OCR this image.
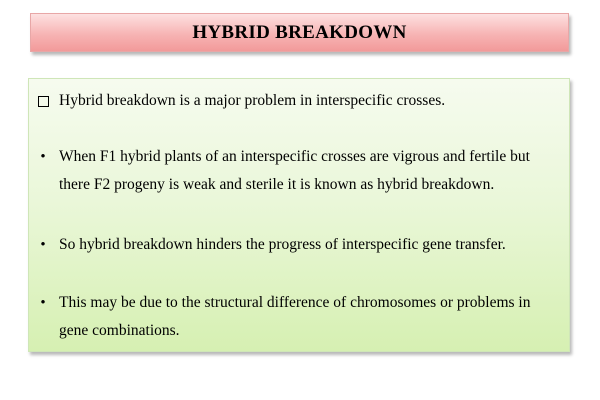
HYBRID BREAKDOWN
Hybrid breakdown is a major problem in interspecific crosses.
• When F1 hybrid plants of an interspecific crosses are vigrous and fertile but there F2 progeny is weak and sterile it is known as hybrid breakdown.
• So hybrid breakdown hinders the progress of interspecific gene transfer.
• This may be due to the structural difference of chromosomes or problems in gene combinations.
